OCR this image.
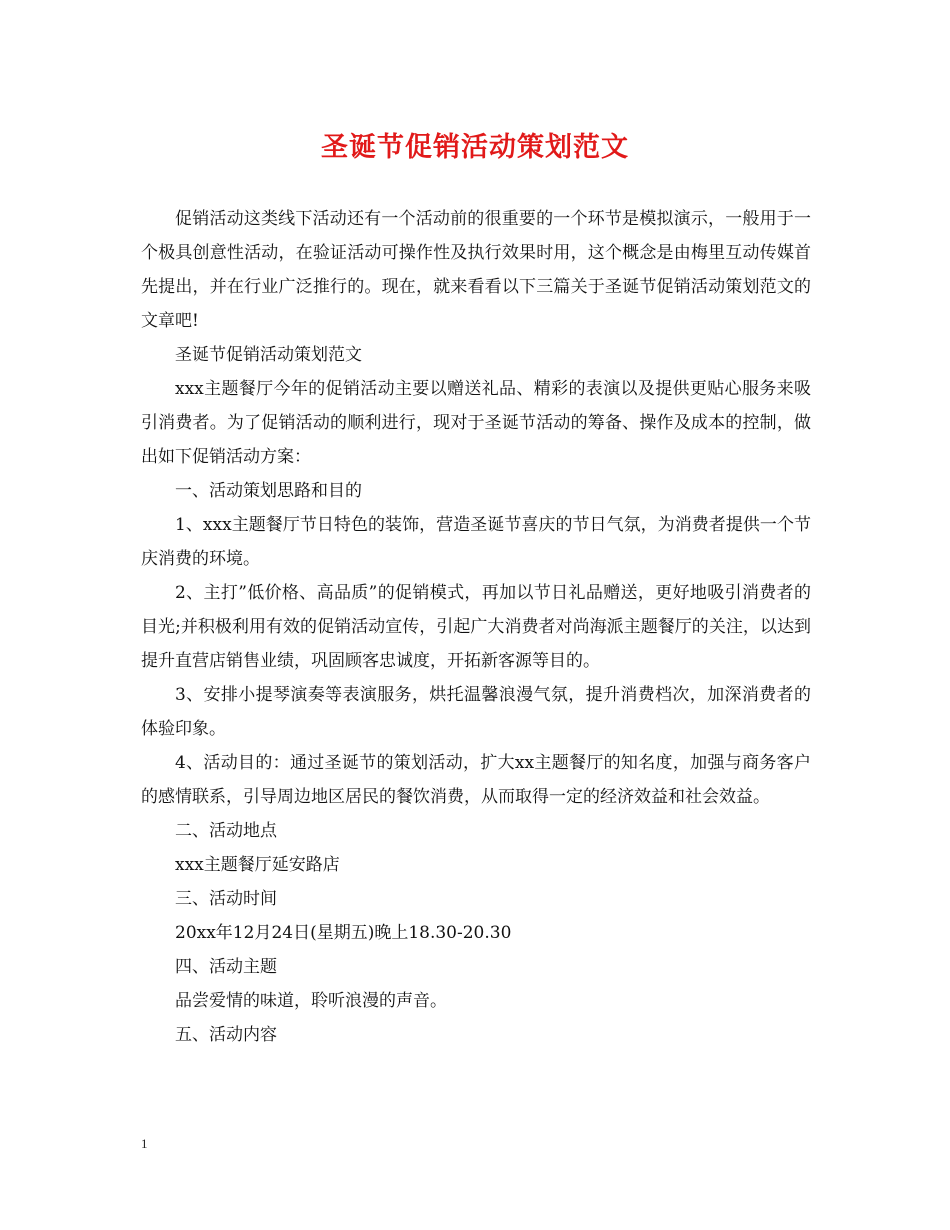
圣诞节促销活动策划范文

促销活动这类线下活动还有一个活动前的很重要的一个环节是模拟演示，一般用于一个极具创意性活动，在验证活动可操作性及执行效果时用，这个概念是由梅里互动传媒首先提出，并在行业广泛推行的。现在，就来看看以下三篇关于圣诞节促销活动策划范文的文章吧!

圣诞节促销活动策划范文

xxx主题餐厅今年的促销活动主要以赠送礼品、精彩的表演以及提供更贴心服务来吸引消费者。为了促销活动的顺利进行，现对于圣诞节活动的筹备、操作及成本的控制，做出如下促销活动方案：

一、活动策划思路和目的

1、xxx主题餐厅节日特色的装饰，营造圣诞节喜庆的节日气氛，为消费者提供一个节庆消费的环境。

2、主打”低价格、高品质”的促销模式，再加以节日礼品赠送，更好地吸引消费者的目光;并积极利用有效的促销活动宣传，引起广大消费者对尚海派主题餐厅的关注，以达到提升直营店销售业绩，巩固顾客忠诚度，开拓新客源等目的。

3、安排小提琴演奏等表演服务，烘托温馨浪漫气氛，提升消费档次，加深消费者的体验印象。

4、活动目的：通过圣诞节的策划活动，扩大xx主题餐厅的知名度，加强与商务客户的感情联系，引导周边地区居民的餐饮消费，从而取得一定的经济效益和社会效益。

二、活动地点

xxx主题餐厅延安路店

三、活动时间

20xx年12月24日(星期五)晚上18.30-20.30

四、活动主题

品尝爱情的味道，聆听浪漫的声音。

五、活动内容

1
